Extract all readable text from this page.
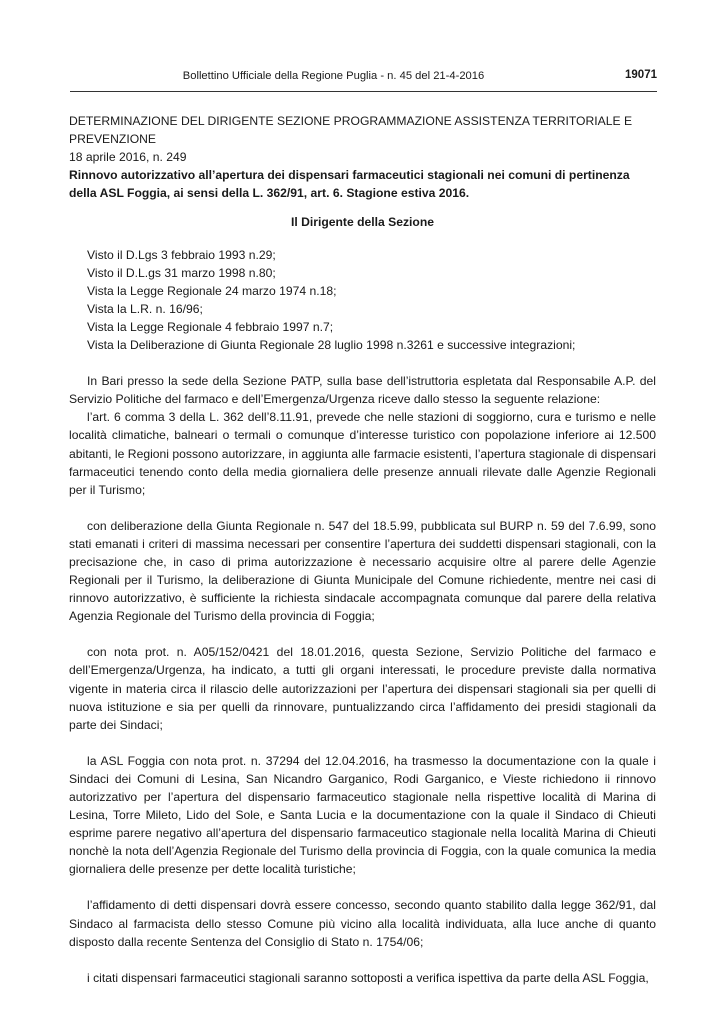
Bollettino Ufficiale della Regione Puglia - n. 45 del 21-4-2016	19071

DETERMINAZIONE DEL DIRIGENTE SEZIONE PROGRAMMAZIONE ASSISTENZA TERRITORIALE E PREVENZIONE

18 aprile 2016, n. 249

Rinnovo autorizzativo all’apertura dei dispensari farmaceutici stagionali nei comuni di pertinenza della ASL Foggia, ai sensi della L. 362/91, art. 6. Stagione estiva 2016.

Il Dirigente della Sezione

Visto il D.Lgs 3 febbraio 1993 n.29;
Visto il D.L.gs 31 marzo 1998 n.80;
Vista la Legge Regionale 24 marzo 1974 n.18;
Vista la L.R. n. 16/96;
Vista la Legge Regionale 4 febbraio 1997 n.7;
Vista la Deliberazione di Giunta Regionale 28 luglio 1998 n.3261 e successive integrazioni;

In Bari presso la sede della Sezione PATP, sulla base dell’istruttoria espletata dal Responsabile A.P. del Servizio Politiche del farmaco e dell’Emergenza/Urgenza riceve dallo stesso la seguente relazione:

l’art. 6 comma 3 della L. 362 dell’8.11.91, prevede che nelle stazioni di soggiorno, cura e turismo e nelle località climatiche, balneari o termali o comunque d’interesse turistico con popolazione inferiore ai 12.500 abitanti, le Regioni possono autorizzare, in aggiunta alle farmacie esistenti, l’apertura stagionale di dispensari farmaceutici tenendo conto della media giornaliera delle presenze annuali rilevate dalle Agenzie Regionali per il Turismo;

con deliberazione della Giunta Regionale n. 547 del 18.5.99, pubblicata sul BURP n. 59 del 7.6.99, sono stati emanati i criteri di massima necessari per consentire l’apertura dei suddetti dispensari stagionali, con la precisazione che, in caso di prima autorizzazione è necessario acquisire oltre al parere delle Agenzie Regionali per il Turismo, la deliberazione di Giunta Municipale del Comune richiedente, mentre nei casi di rinnovo autorizzativo, è sufficiente la richiesta sindacale accompagnata comunque dal parere della relativa Agenzia Regionale del Turismo della provincia di Foggia;

con nota prot. n. A05/152/0421 del 18.01.2016, questa Sezione, Servizio Politiche del farmaco e dell’Emergenza/Urgenza, ha indicato, a tutti gli organi interessati, le procedure previste dalla normativa vigente in materia circa il rilascio delle autorizzazioni per l’apertura dei dispensari stagionali sia per quelli di nuova istituzione e sia per quelli da rinnovare, puntualizzando circa l’affidamento dei presidi stagionali da parte dei Sindaci;

la ASL Foggia con nota prot. n. 37294 del 12.04.2016, ha trasmesso la documentazione con la quale i Sindaci dei Comuni di Lesina, San Nicandro Garganico, Rodi Garganico, e Vieste richiedono ii rinnovo autorizzativo per l’apertura del dispensario farmaceutico stagionale nella rispettive località di Marina di Lesina, Torre Mileto, Lido del Sole, e Santa Lucia e la documentazione con la quale il Sindaco di Chieuti esprime parere negativo all’apertura del dispensario farmaceutico stagionale nella località Marina di Chieuti nonchè la nota dell’Agenzia Regionale del Turismo della provincia di Foggia, con la quale comunica la media giornaliera delle presenze per dette località turistiche;

l’affidamento di detti dispensari dovrà essere concesso, secondo quanto stabilito dalla legge 362/91, dal Sindaco al farmacista dello stesso Comune più vicino alla località individuata, alla luce anche di quanto disposto dalla recente Sentenza del Consiglio di Stato n. 1754/06;

i citati dispensari farmaceutici stagionali saranno sottoposti a verifica ispettiva da parte della ASL Foggia,
